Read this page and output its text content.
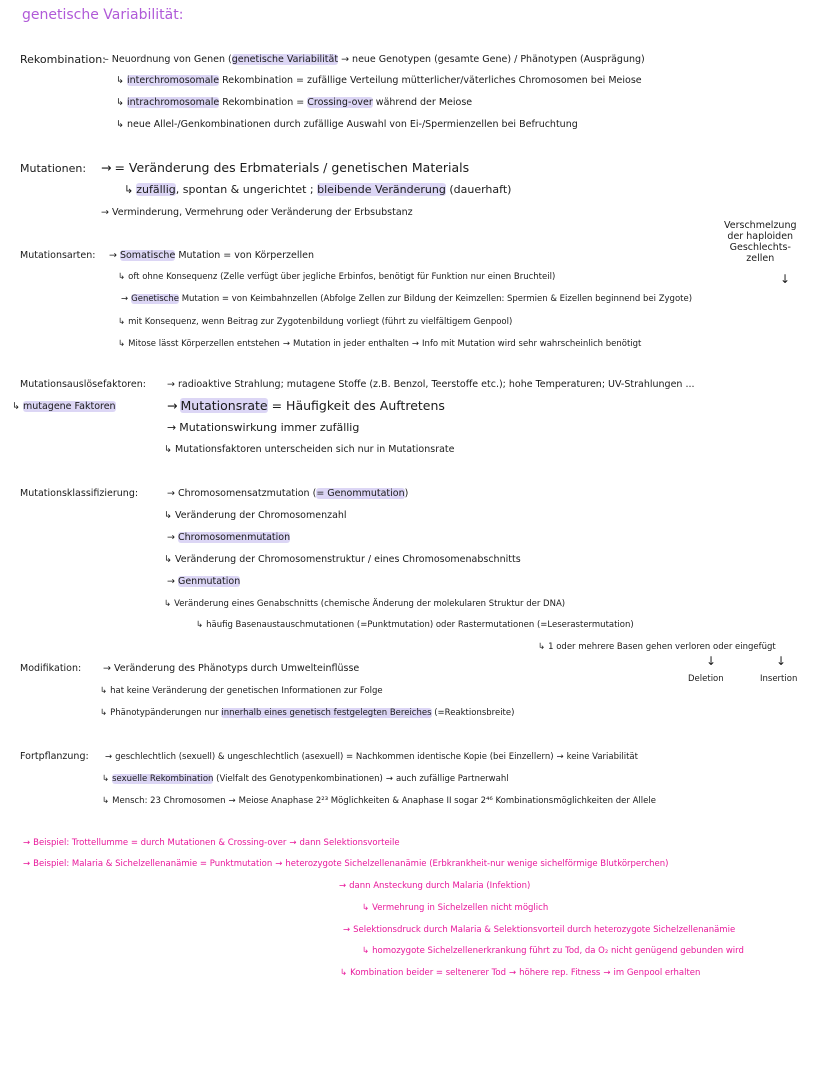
genetische Variabilität:
Rekombination:
– Neuordnung von Genen (genetische Variabilität → neue Genotypen (gesamte Gene) / Phänotypen (Ausprägung)
↳ interchromosomale Rekombination = zufällige Verteilung mütterlicher/väterliches Chromosomen bei Meiose
↳ intrachromosomale Rekombination = Crossing-over während der Meiose
↳ neue Allel-/Genkombinationen durch zufällige Auswahl von Ei-/Spermienzellen bei Befruchtung
Mutationen: → = Veränderung des Erbmaterials / genetischen Materials
↳ zufällig, spontan & ungerichtet ; bleibende Veränderung (dauerhaft)
→ Verminderung, Vermehrung oder Veränderung der Erbsubstanz
Mutationsarten:	→ Somatische Mutation = von Körperzellen
↳ oft ohne Konsequenz (Zelle verfügt über jegliche Erbinfos, benötigt für Funktion nur einen Bruchteil)
→ Genetische Mutation = von Keimbahnzellen (Abfolge Zellen zur Bildung der Keimzellen: Spermien & Eizellen beginnend bei Zygote)
↳ mit Konsequenz, wenn Beitrag zur Zygotenbildung vorliegt (führt zu vielfältigem Genpool)
↳ Mitose lässt Körperzellen entstehen → Mutation in jeder enthalten → Info mit Mutation wird sehr wahrscheinlich benötigt
Verschmelzung
der haploiden
Geschlechts-
zellen
↓
Mutationsauslösefaktoren:
↳ mutagene Faktoren
→ radioaktive Strahlung; mutagene Stoffe (z.B. Benzol, Teerstoffe etc.); hohe Temperaturen; UV-Strahlungen ...
→ Mutationsrate = Häufigkeit des Auftretens
→ Mutationswirkung immer zufällig
↳ Mutationsfaktoren unterscheiden sich nur in Mutationsrate
Mutationsklassifizierung:	→ Chromosomensatzmutation (= Genommutation)
↳ Veränderung der Chromosomenzahl
→ Chromosomenmutation
↳ Veränderung der Chromosomenstruktur / eines Chromosomenabschnitts
→ Genmutation
↳ Veränderung eines Genabschnitts (chemische Änderung der molekularen Struktur der DNA)
↳ häufig Basenaustauschmutationen (=Punktmutation) oder Rastermutationen (=Leserastermutation)
↳ 1 oder mehrere Basen gehen verloren oder eingefügt
↓	↓
Deletion	Insertion
Modifikation:	→ Veränderung des Phänotyps durch Umwelteinflüsse
↳ hat keine Veränderung der genetischen Informationen zur Folge
↳ Phänotypänderungen nur innerhalb eines genetisch festgelegten Bereiches (=Reaktionsbreite)
Fortpflanzung:	→ geschlechtlich (sexuell) & ungeschlechtlich (asexuell) = Nachkommen identische Kopie (bei Einzellern) → keine Variabilität
↳ sexuelle Rekombination (Vielfalt des Genotypenkombinationen) → auch zufällige Partnerwahl
↳ Mensch: 23 Chromosomen → Meiose Anaphase 2²³ Möglichkeiten & Anaphase II sogar 2⁴⁶ Kombinationsmöglichkeiten der Allele
→ Beispiel: Trottellumme = durch Mutationen & Crossing-over → dann Selektionsvorteile
→ Beispiel: Malaria & Sichelzellenanämie = Punktmutation → heterozygote Sichelzellenanämie (Erbkrankheit-nur wenige sichelförmige Blutkörperchen)
→ dann Ansteckung durch Malaria (Infektion)
↳ Vermehrung in Sichelzellen nicht möglich
→ Selektionsdruck durch Malaria & Selektionsvorteil durch heterozygote Sichelzellenanämie
↳ homozygote Sichelzellenerkrankung führt zu Tod, da O₂ nicht genügend gebunden wird
↳ Kombination beider = seltenerer Tod → höhere rep. Fitness → im Genpool erhalten
